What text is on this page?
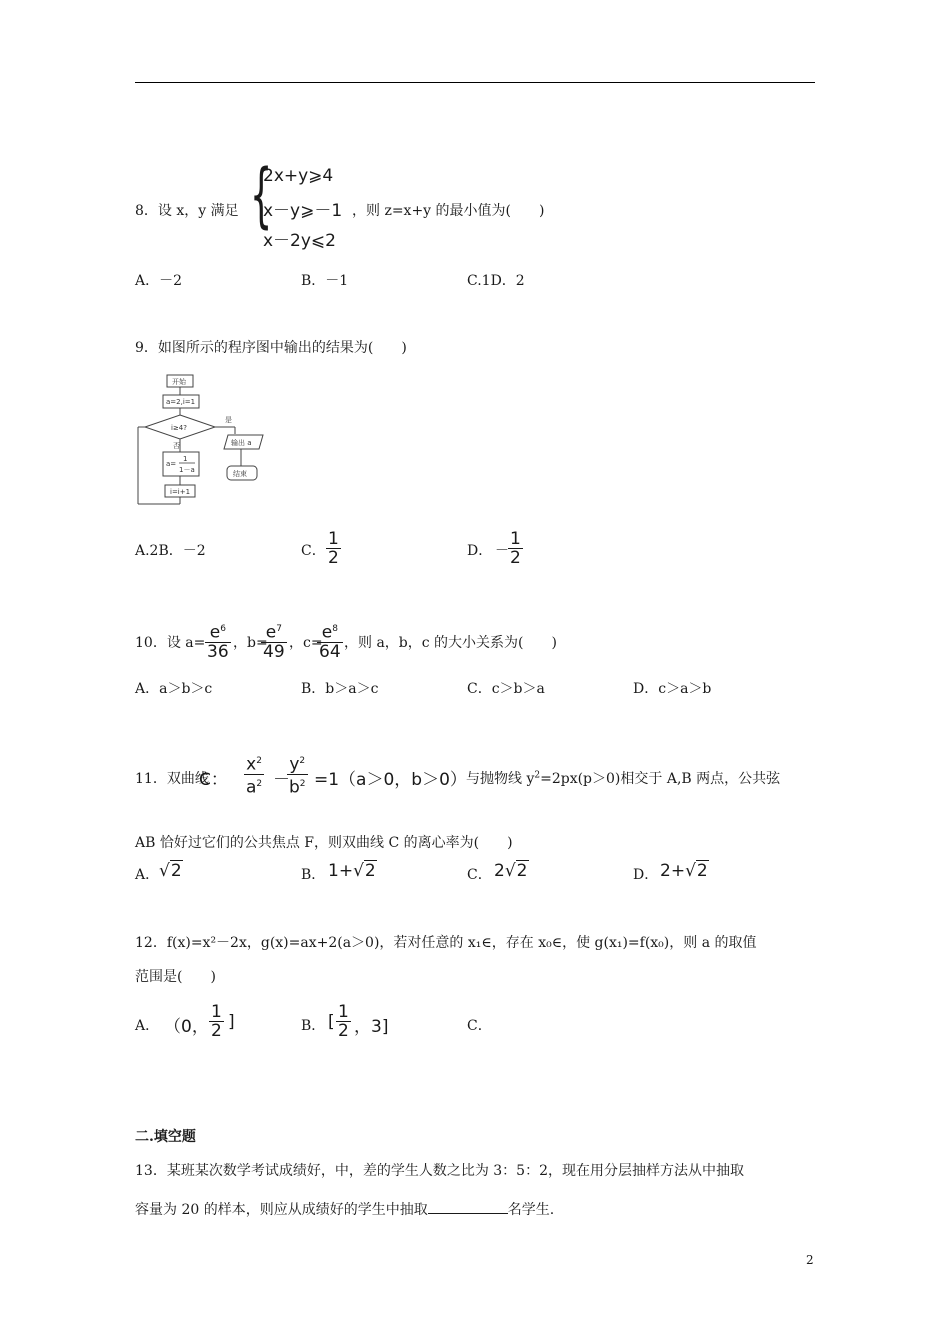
8．设 x，y 满足 {
2x+y⩾4
x－y⩾－1
x－2y⩽2
，则 z=x+y 的最小值为(　　)
A．－2	B．－1	C.1D．2
9．如图所示的程序图中输出的结果为(　　)
开始
a=2,i=1
i≥4?
是
否
a=
1
1－a
i=i+1
输出 a
结束
A.2B．－2	C． $\frac{1}{2}$	D． － $\frac{1}{2}$
10．设 $a= \frac{e^6}{36}$ ，b=
$\frac{e^7}{49}$ ，c=
$\frac{e^8}{64}$ ，则 a，b，c 的大小关系为(　　)
A．a＞b＞c	B．b＞a＞c	C．c＞b＞a	D．c＞a＞b
11．双曲线
C： $\frac{x^2}{a^2}$ －
$\frac{y^2}{b^2} =1(a>0$，b＞0） 与抛物线 $y^2=2px(p>0)$相交于 A,B 两点，公共弦
AB 恰好过它们的公共焦点 F，则双曲线 C 的离心率为(　　)
A． √2	B． 1+√2	C． 2√2	D． 2+√2
12．f(x)=x²－2x，g(x)=ax+2(a＞0)，若对任意的 x₁∈，存在 x₀∈，使 g(x₁)=f(x₀)，则 a 的取值
范围是(　　)
A． （0， $\frac{1}{2}$ ]	B． [ $\frac{1}{2}$ ，3]	C．
二.填空题
13．某班某次数学考试成绩好，中，差的学生人数之比为 3：5：2，现在用分层抽样方法从中抽取
容量为 20 的样本，则应从成绩好的学生中抽取	名学生.
2
